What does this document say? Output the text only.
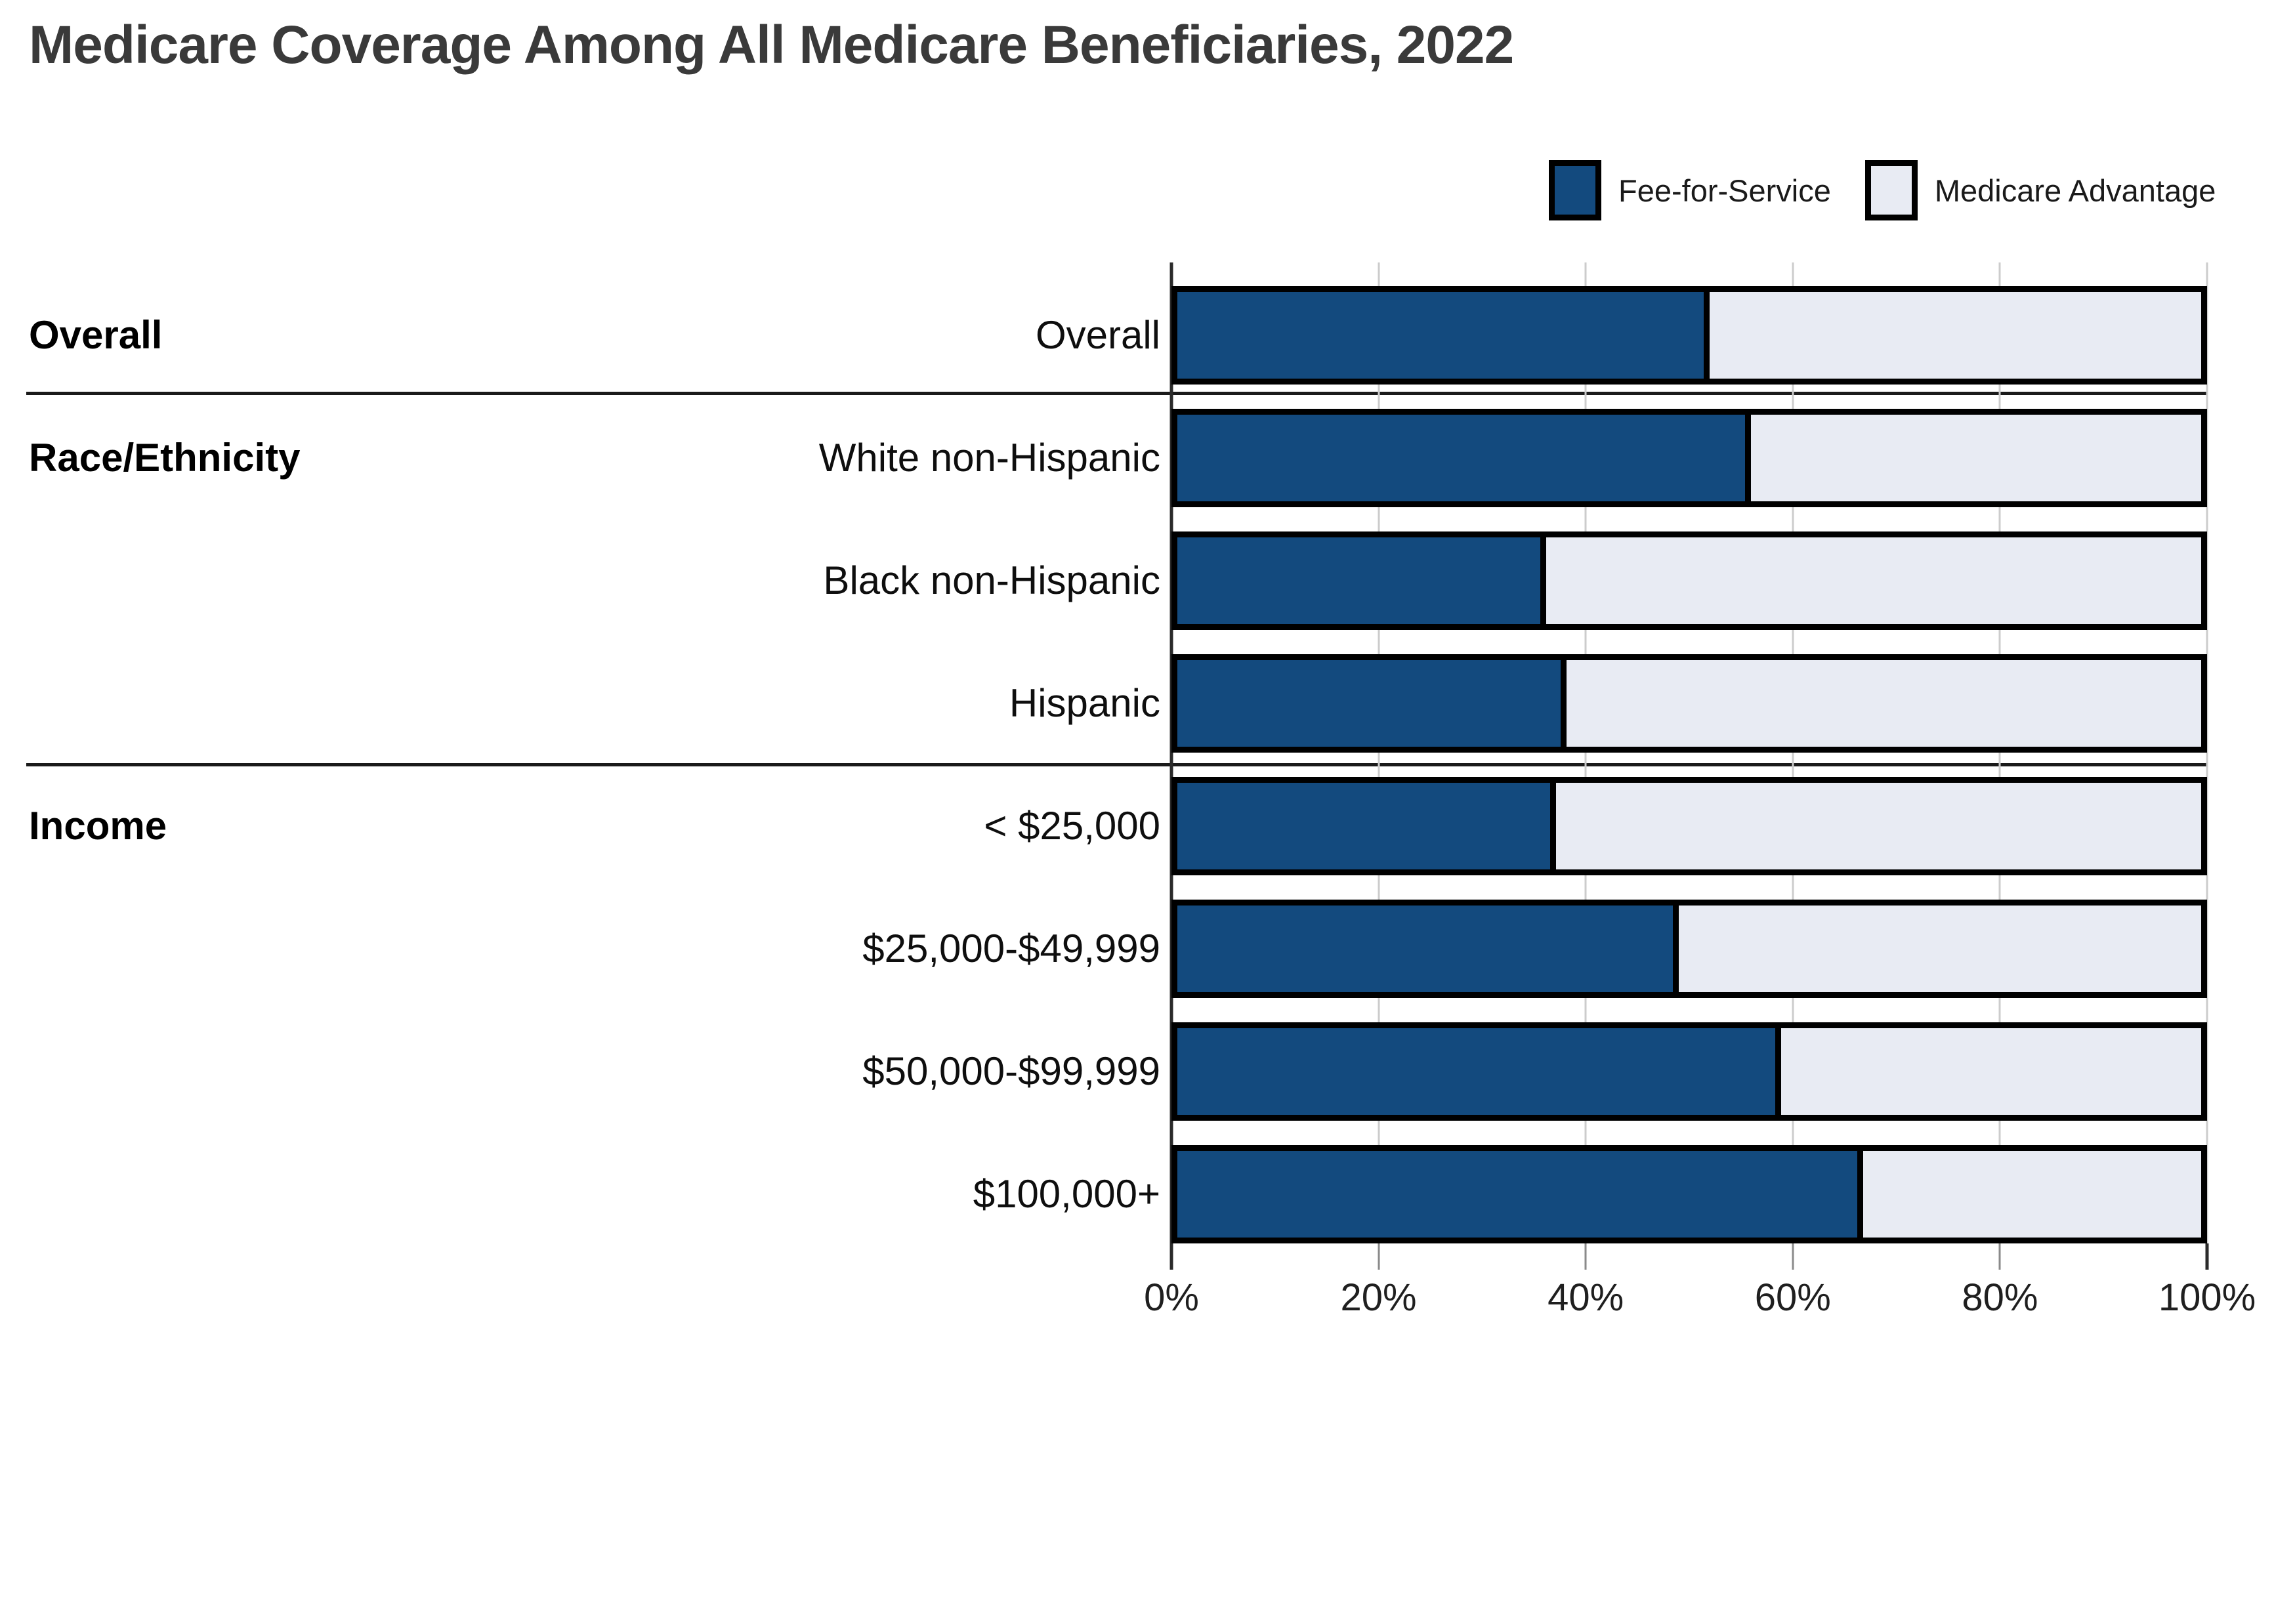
Medicare Coverage Among All Medicare Beneficiaries, 2022
Fee-for-Service	Medicare Advantage
Overall
Race/Ethnicity
Income
0%	20%	40%	60%	80%	100%
Overall
White non-Hispanic
Black non-Hispanic
Hispanic
< $25,000
$25,000-$49,999
$50,000-$99,999
$100,000+
